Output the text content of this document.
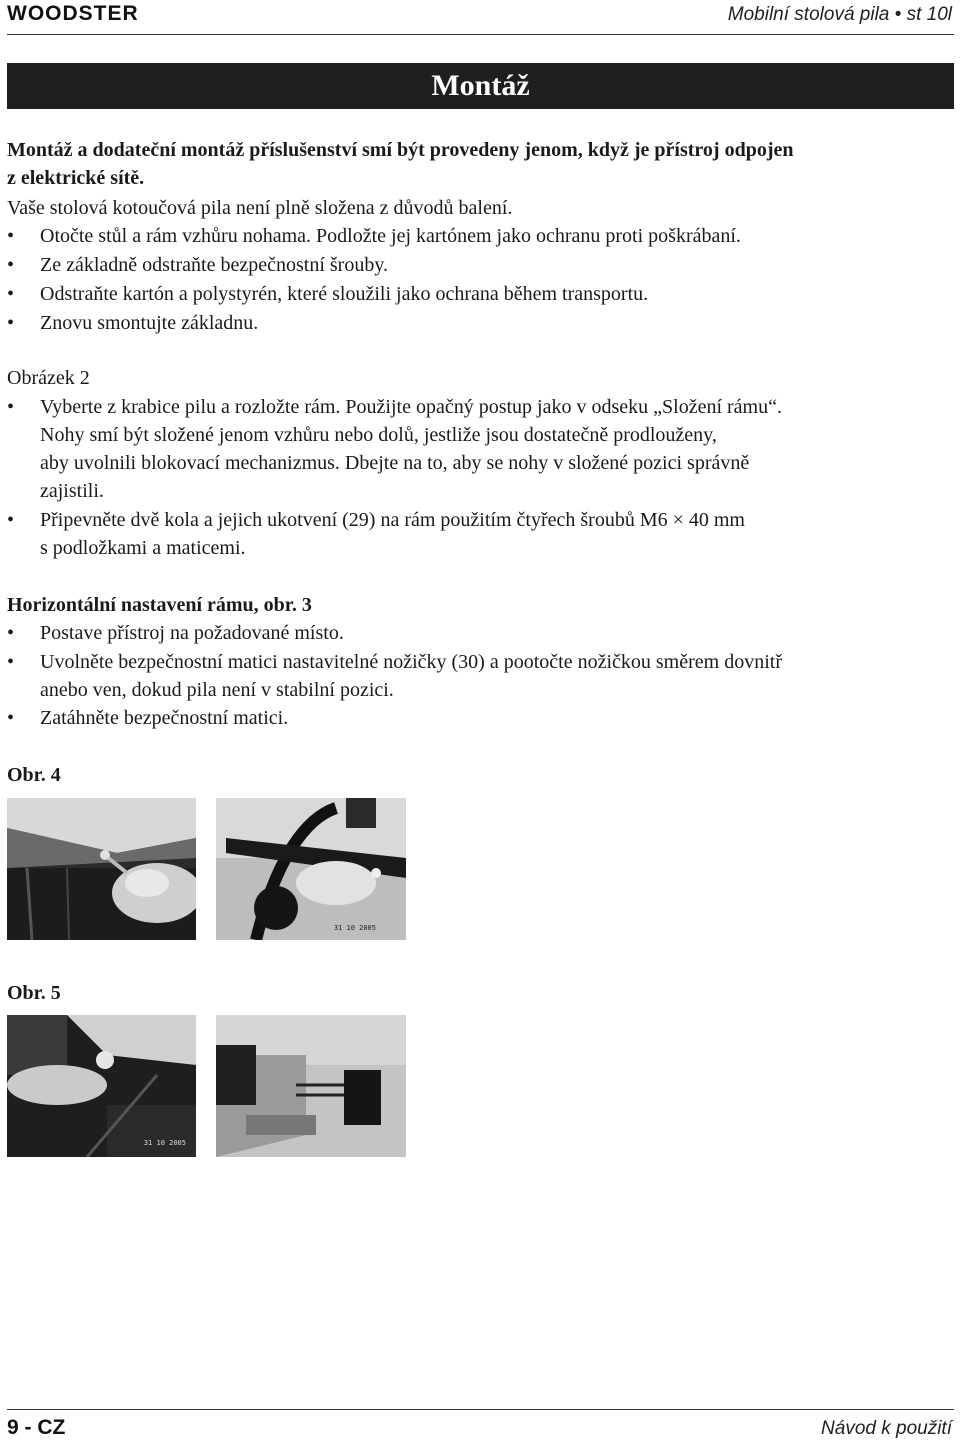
WOODSTER	Mobilní stolová pila • st 10l
Montáž
Montáž a dodateční montáž příslušenství smí být provedeny jenom, když je přístroj odpojen
z elektrické sítě.
Vaše stolová kotoučová pila není plně složena z důvodů balení.
• Otočte stůl a rám vzhůru nohama. Podložte jej kartónem jako ochranu proti poškrábaní.
• Ze základně odstraňte bezpečnostní šrouby.
• Odstraňte kartón a polystyrén, které sloužili jako ochrana během transportu.
• Znovu smontujte základnu.
Obrázek 2
• Vyberte z krabice pilu a rozložte rám. Použijte opačný postup jako v odseku „Složení rámu“.
Nohy smí být složené jenom vzhůru nebo dolů, jestliže jsou dostatečně prodlouženy,
aby uvolnili blokovací mechanizmus. Dbejte na to, aby se nohy v složené pozici správně
zajistili.
• Připevněte dvě kola a jejich ukotvení (29) na rám použitím čtyřech šroubů M6 × 40 mm
s podložkami a maticemi.
Horizontální nastavení rámu, obr. 3
• Postave přístroj na požadované místo.
• Uvolněte bezpečnostní matici nastavitelné nožičky (30) a pootočte nožičkou směrem dovnitř
anebo ven, dokud pila není v stabilní pozici.
• Zatáhněte bezpečnostní matici.
Obr. 4
31 10 2005
Obr. 5
31 10 2005
9 - CZ	Návod k použití
